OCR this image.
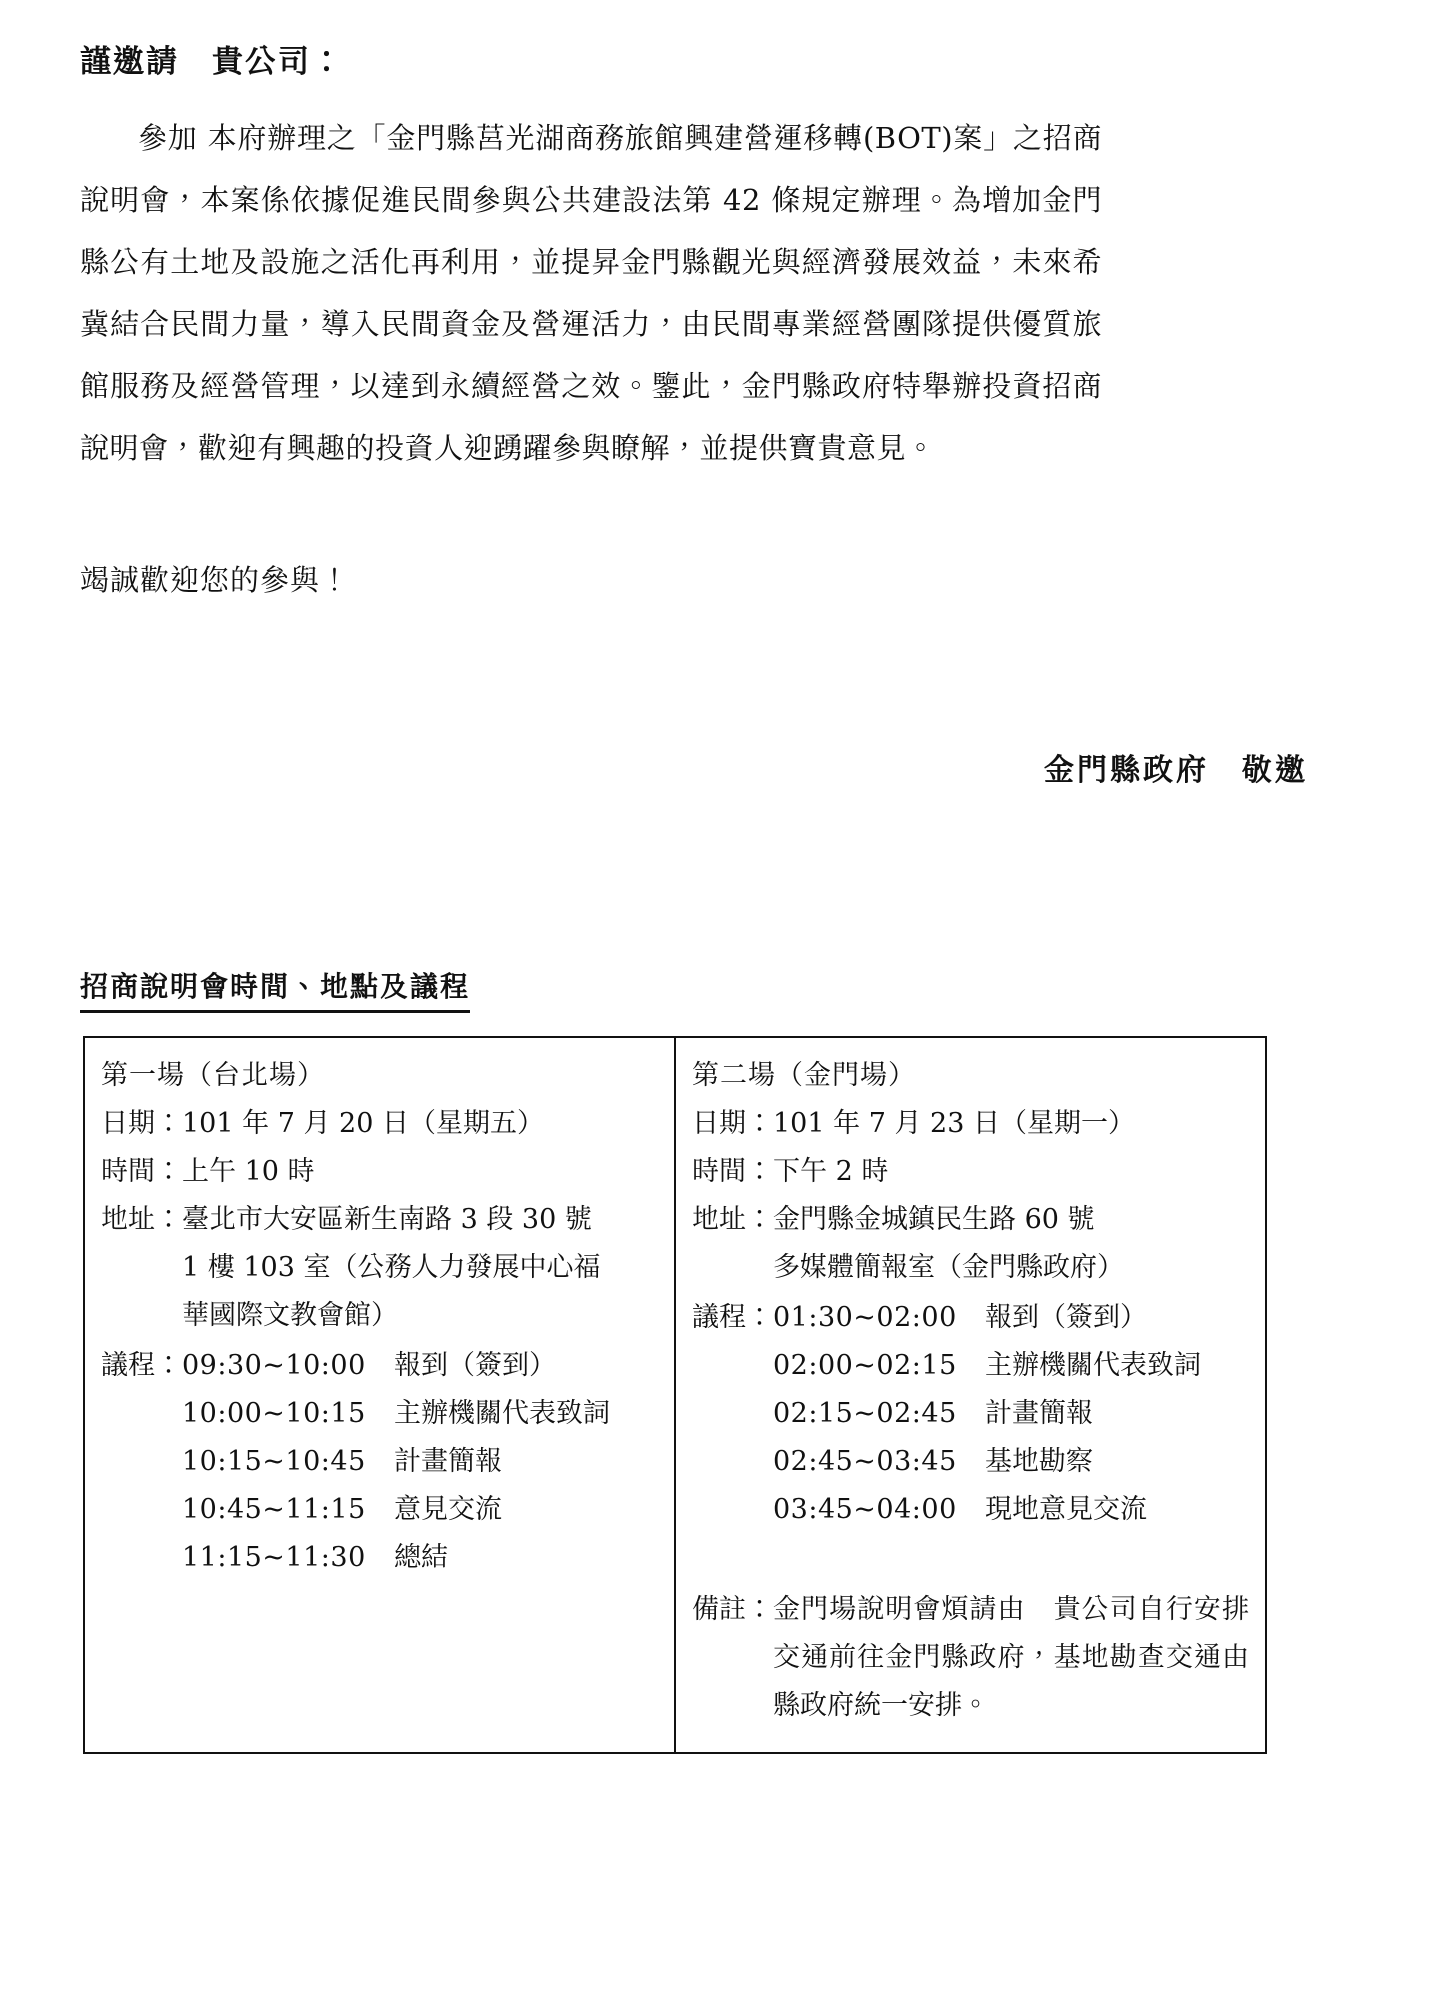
謹邀請　貴公司：

參加 本府辦理之「金門縣莒光湖商務旅館興建營運移轉(BOT)案」之招商說明會，本案係依據促進民間參與公共建設法第 42 條規定辦理。為增加金門縣公有土地及設施之活化再利用，並提昇金門縣觀光與經濟發展效益，未來希冀結合民間力量，導入民間資金及營運活力，由民間專業經營團隊提供優質旅館服務及經營管理，以達到永續經營之效。鑒此，金門縣政府特舉辦投資招商說明會，歡迎有興趣的投資人迎踴躍參與瞭解，並提供寶貴意見。

竭誠歡迎您的參與！
金門縣政府　敬邀
招商說明會時間、地點及議程
第一場（台北場）
日期： 101 年 7 月 20 日（星期五）
時間： 上午 10 時
地址： 臺北市大安區新生南路 3 段 30 號
1 樓 103 室（公務人力發展中心福
華國際文教會館）
議程： 09:30~10:00	報到（簽到）
10:00~10:15	主辦機關代表致詞
10:15~10:45	計畫簡報
10:45~11:15	意見交流
11:15~11:30	總結

第二場（金門場）
日期： 101 年 7 月 23 日（星期一）
時間： 下午 2 時
地址： 金門縣金城鎮民生路 60 號
多媒體簡報室（金門縣政府）
議程： 01:30~02:00	報到（簽到）
02:00~02:15	主辦機關代表致詞
02:15~02:45	計畫簡報
02:45~03:45	基地勘察
03:45~04:00	現地意見交流
備註： 金門場說明會煩請由　貴公司自行安排交通前往金門縣政府，基地勘查交通由縣政府統一安排。
